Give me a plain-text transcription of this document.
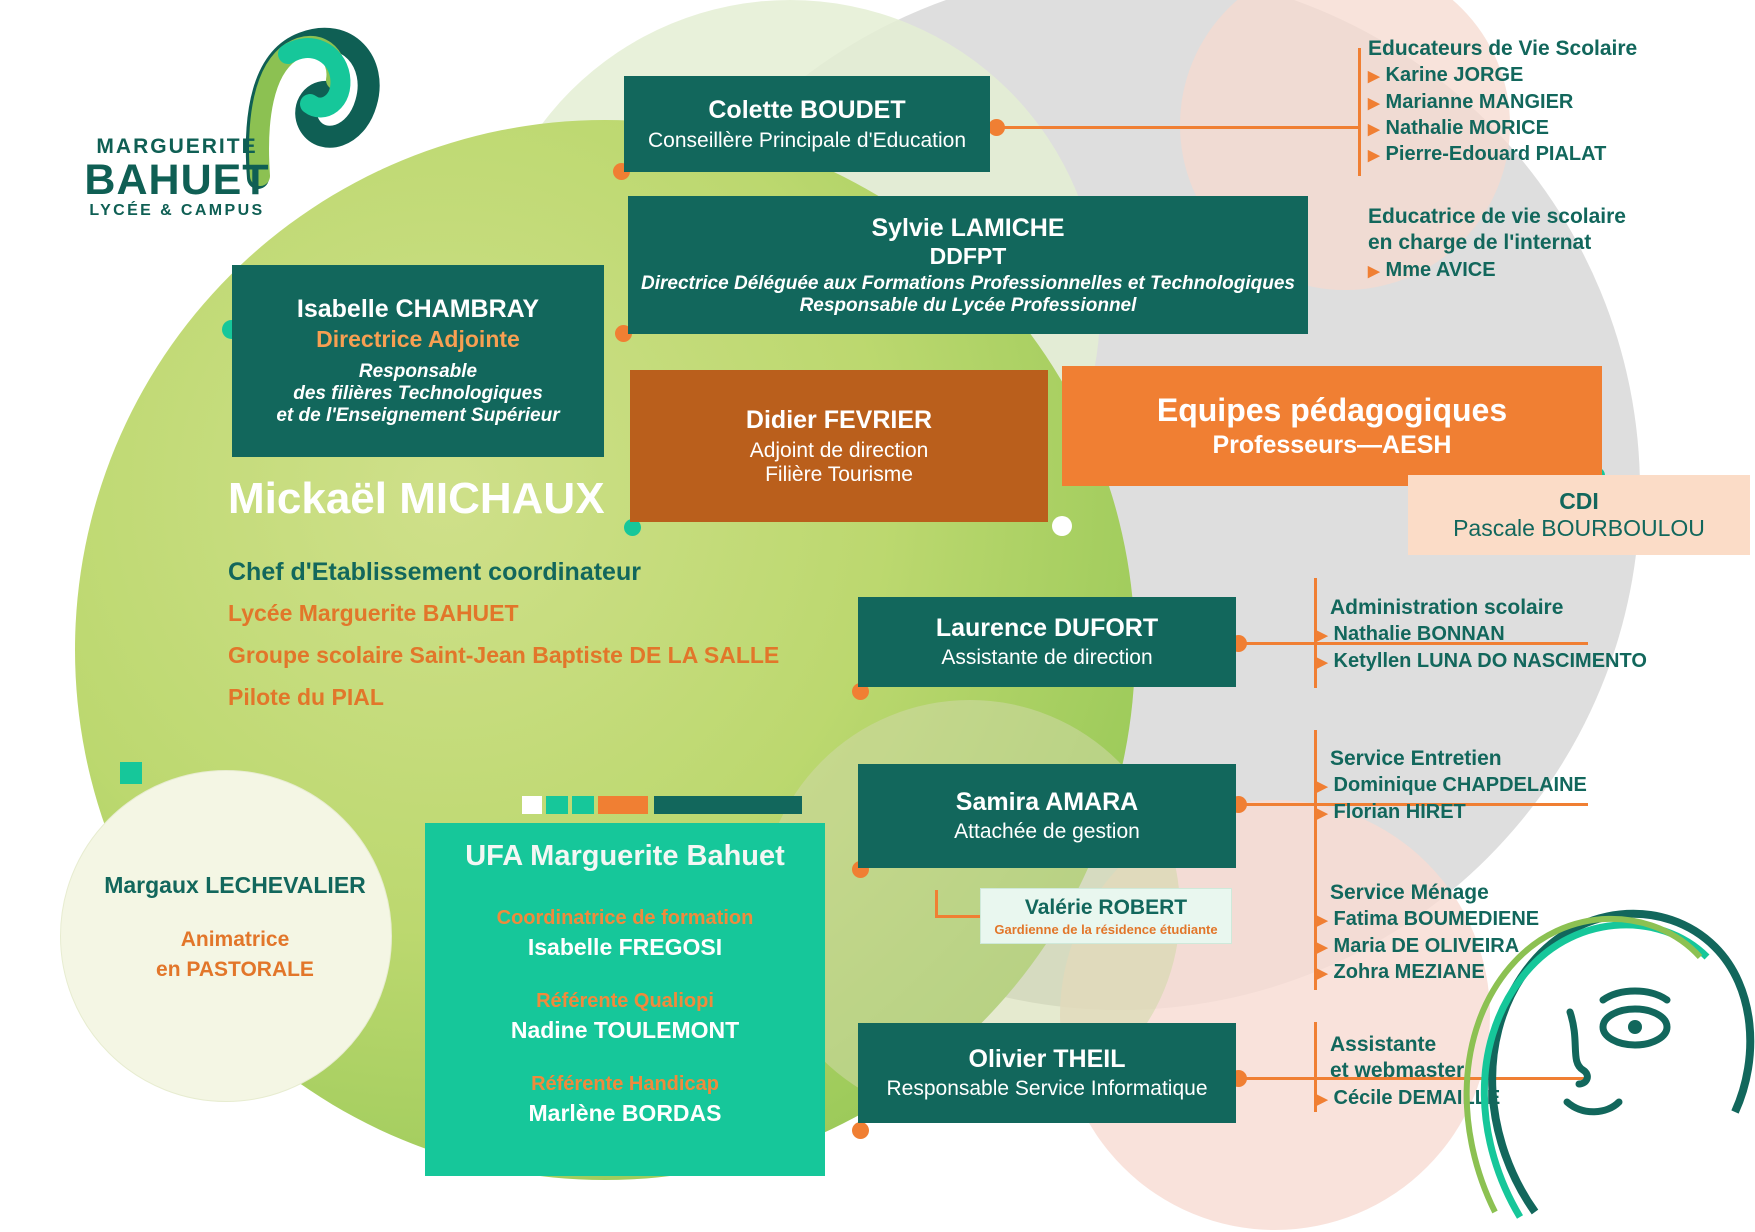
MARGUERITE
BAHUET
LYCÉE & CAMPUS
Colette BOUDET
Conseillère Principale d'Education
Sylvie LAMICHE
DDFPT
Directrice Déléguée aux Formations Professionnelles et Technologiques
Responsable du Lycée Professionnel
Isabelle CHAMBRAY
Directrice Adjointe
Responsable
des filières Technologiques
et de l'Enseignement Supérieur	Didier FEVRIER
Adjoint de direction
Filière Tourisme
Equipes pédagogiques
Professeurs—AESH
CDI
Pascale BOURBOULOU
Laurence DUFORT
Assistante de direction
Samira AMARA
Attachée de gestion
Valérie ROBERT
Gardienne de la résidence étudiante
Olivier THEIL
Responsable Service Informatique
Mickaël MICHAUX
Chef d'Etablissement coordinateur
Lycée Marguerite BAHUET
Groupe scolaire Saint-Jean Baptiste DE LA SALLE
Pilote du PIAL
Margaux LECHEVALIER
Animatrice
en PASTORALE
UFA Marguerite Bahuet
Coordinatrice de formation
Isabelle FREGOSI
Référente Qualiopi
Nadine TOULEMONT
Référente Handicap
Marlène BORDAS
Educateurs de Vie Scolaire
▶ Karine JORGE
▶ Marianne MANGIER
▶ Nathalie MORICE
▶ Pierre-Edouard PIALAT
Educatrice de vie scolaire
en charge de l'internat
▶ Mme AVICE
Administration scolaire
▶ Nathalie BONNAN
▶ Ketyllen LUNA DO NASCIMENTO
Service Entretien
▶ Dominique CHAPDELAINE
▶ Florian HIRET
Service Ménage
▶ Fatima BOUMEDIENE
▶ Maria DE OLIVEIRA
▶ Zohra MEZIANE
Assistante
et webmaster
▶ Cécile DEMAILLE
